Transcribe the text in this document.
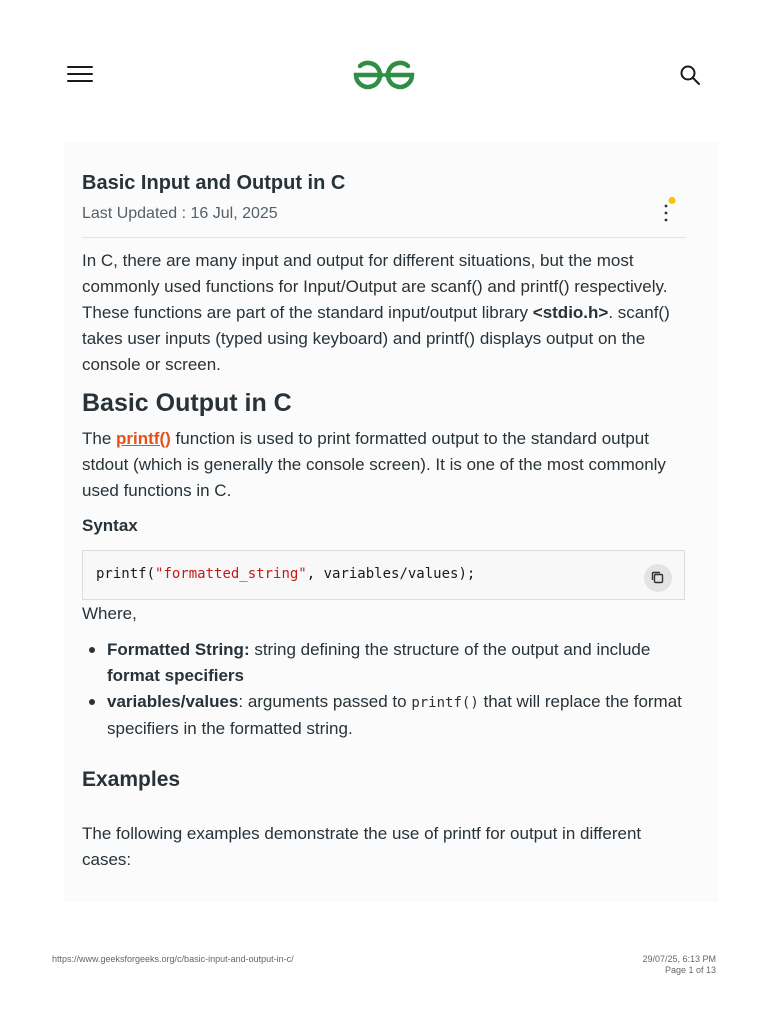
Basic Input and Output in C
Last Updated : 16 Jul, 2025

In C, there are many input and output for different situations, but the most commonly used functions for Input/Output are scanf() and printf() respectively. These functions are part of the standard input/output library <stdio.h>. scanf() takes user inputs (typed using keyboard) and printf() displays output on the console or screen.

Basic Output in C

The printf() function is used to print formatted output to the standard output stdout (which is generally the console screen). It is one of the most commonly used functions in C.

Syntax
printf("formatted_string", variables/values);

Where,

Formatted String: string defining the structure of the output and include format specifiers
variables/values: arguments passed to printf() that will replace the format specifiers in the formatted string.
Examples

The following examples demonstrate the use of printf for output in different cases:

https://www.geeksforgeeks.org/c/basic-input-and-output-in-c/	29/07/25, 6:13 PM
Page 1 of 13
